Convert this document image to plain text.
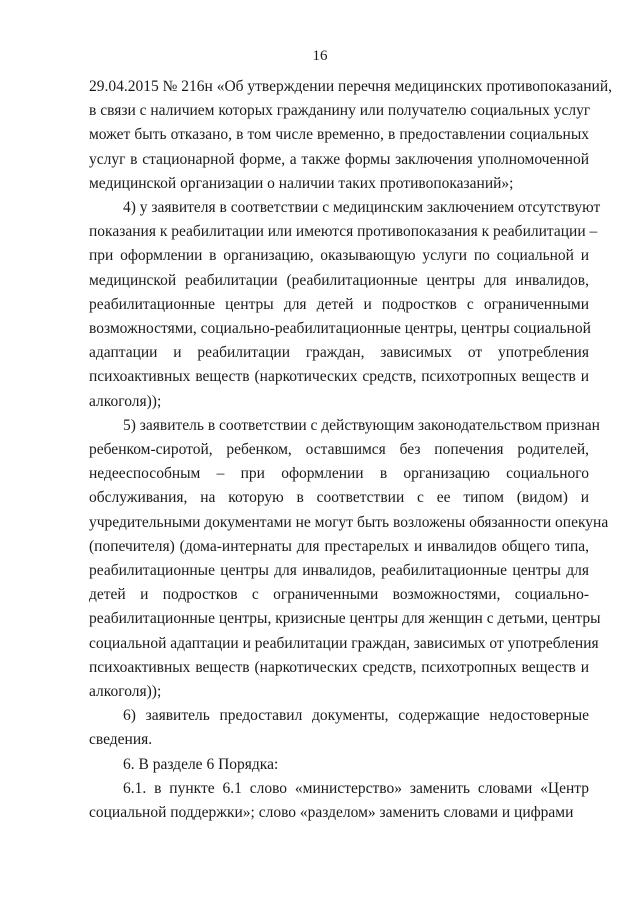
16
29.04.2015 № 216н «Об утверждении перечня медицинских противопоказаний,
в связи с наличием которых гражданину или получателю социальных услуг
может быть отказано, в том числе временно, в предоставлении социальных
услуг в стационарной форме, а также формы заключения уполномоченной
медицинской организации о наличии таких противопоказаний»;
4) у заявителя в соответствии с медицинским заключением отсутствуют
показания к реабилитации или имеются противопоказания к реабилитации –
при оформлении в организацию, оказывающую услуги по социальной и
медицинской реабилитации (реабилитационные центры для инвалидов,
реабилитационные центры для детей и подростков с ограниченными
возможностями, социально-реабилитационные центры, центры социальной
адаптации и реабилитации граждан, зависимых от употребления
психоактивных веществ (наркотических средств, психотропных веществ и
алкоголя));
5) заявитель в соответствии с действующим законодательством признан
ребенком-сиротой, ребенком, оставшимся без попечения родителей,
недееспособным – при оформлении в организацию социального
обслуживания, на которую в соответствии с ее типом (видом) и
учредительными документами не могут быть возложены обязанности опекуна
(попечителя) (дома-интернаты для престарелых и инвалидов общего типа,
реабилитационные центры для инвалидов, реабилитационные центры для
детей и подростков с ограниченными возможностями, социально-
реабилитационные центры, кризисные центры для женщин с детьми, центры
социальной адаптации и реабилитации граждан, зависимых от употребления
психоактивных веществ (наркотических средств, психотропных веществ и
алкоголя));
6) заявитель предоставил документы, содержащие недостоверные
сведения.
6. В разделе 6 Порядка:
6.1. в пункте 6.1 слово «министерство» заменить словами «Центр
социальной поддержки»; слово «разделом» заменить словами и цифрами
